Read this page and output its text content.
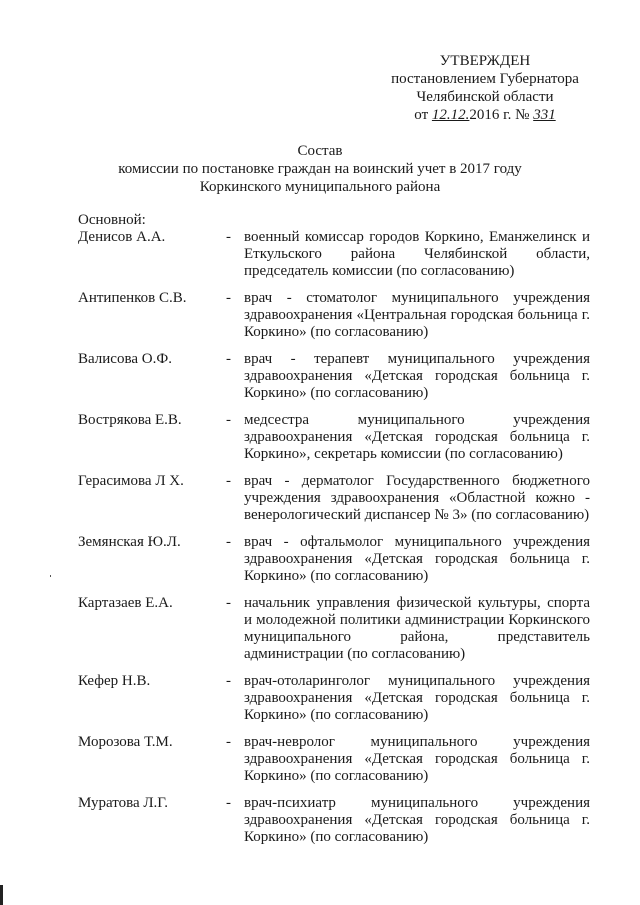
УТВЕРЖДЕН
постановлением Губернатора
Челябинской области
от 12.12.2016 г. № 331
Состав
комиссии по постановке граждан на воинский учет в 2017 году
Коркинского муниципального района
Основной:
Денисов А.А.	- военный комиссар городов Коркино, Еманжелинск и Еткульского района Челябинской области, председатель комиссии (по согласованию)
Антипенков С.В.	- врач - стоматолог муниципального учреждения здравоохранения «Центральная городская больница г. Коркино» (по согласованию)
Валисова О.Ф.	- врач - терапевт муниципального учреждения здравоохранения «Детская городская больница г. Коркино» (по согласованию)
Вострякова Е.В.	- медсестра муниципального учреждения здравоохранения «Детская городская больница г. Коркино», секретарь комиссии (по согласованию)
Герасимова Л Х.	- врач - дерматолог Государственного бюджетного учреждения здравоохранения «Областной кожно - венерологический диспансер № 3» (по согласованию)
Земянская Ю.Л.	- врач - офтальмолог муниципального учреждения здравоохранения «Детская городская больница г. Коркино» (по согласованию)
Картазаев Е.А.	- начальник управления физической культуры, спорта и молодежной политики администрации Коркинского муниципального района, представитель администрации (по согласованию)
Кефер Н.В.	- врач-отоларинголог муниципального учреждения здравоохранения «Детская городская больница г. Коркино» (по согласованию)
Морозова Т.М.	- врач-невролог муниципального учреждения здравоохранения «Детская городская больница г. Коркино» (по согласованию)
Муратова Л.Г.	- врач-психиатр муниципального учреждения здравоохранения «Детская городская больница г. Коркино» (по согласованию)
